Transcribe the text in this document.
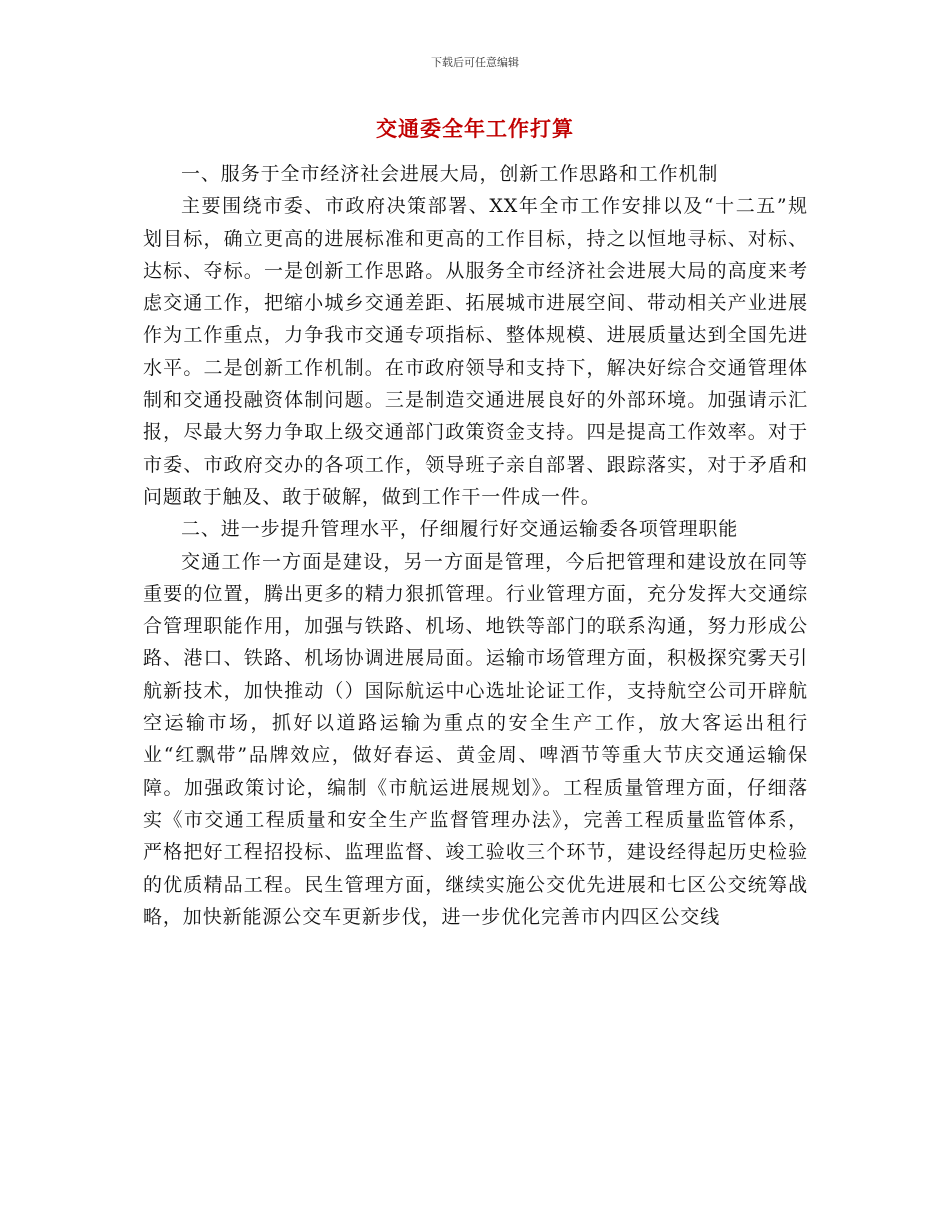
下载后可任意编辑
交通委全年工作打算

一、服务于全市经济社会进展大局，创新工作思路和工作机制

主要围绕市委、市政府决策部署、XX年全市工作安排以及“十二五”规划目标，确立更高的进展标准和更高的工作目标，持之以恒地寻标、对标、达标、夺标。一是创新工作思路。从服务全市经济社会进展大局的高度来考虑交通工作，把缩小城乡交通差距、拓展城市进展空间、带动相关产业进展作为工作重点，力争我市交通专项指标、整体规模、进展质量达到全国先进水平。二是创新工作机制。在市政府领导和支持下，解决好综合交通管理体制和交通投融资体制问题。三是制造交通进展良好的外部环境。加强请示汇报，尽最大努力争取上级交通部门政策资金支持。四是提高工作效率。对于市委、市政府交办的各项工作，领导班子亲自部署、跟踪落实，对于矛盾和问题敢于触及、敢于破解，做到工作干一件成一件。

二、进一步提升管理水平，仔细履行好交通运输委各项管理职能

交通工作一方面是建设，另一方面是管理，今后把管理和建设放在同等重要的位置，腾出更多的精力狠抓管理。行业管理方面，充分发挥大交通综合管理职能作用，加强与铁路、机场、地铁等部门的联系沟通，努力形成公路、港口、铁路、机场协调进展局面。运输市场管理方面，积极探究雾天引航新技术，加快推动（）国际航运中心选址论证工作，支持航空公司开辟航空运输市场，抓好以道路运输为重点的安全生产工作，放大客运出租行业“红飘带”品牌效应，做好春运、黄金周、啤酒节等重大节庆交通运输保障。加强政策讨论，编制《市航运进展规划》。工程质量管理方面，仔细落实《市交通工程质量和安全生产监督管理办法》，完善工程质量监管体系，严格把好工程招投标、监理监督、竣工验收三个环节，建设经得起历史检验的优质精品工程。民生管理方面，继续实施公交优先进展和七区公交统筹战略，加快新能源公交车更新步伐，进一步优化完善市内四区公交线
